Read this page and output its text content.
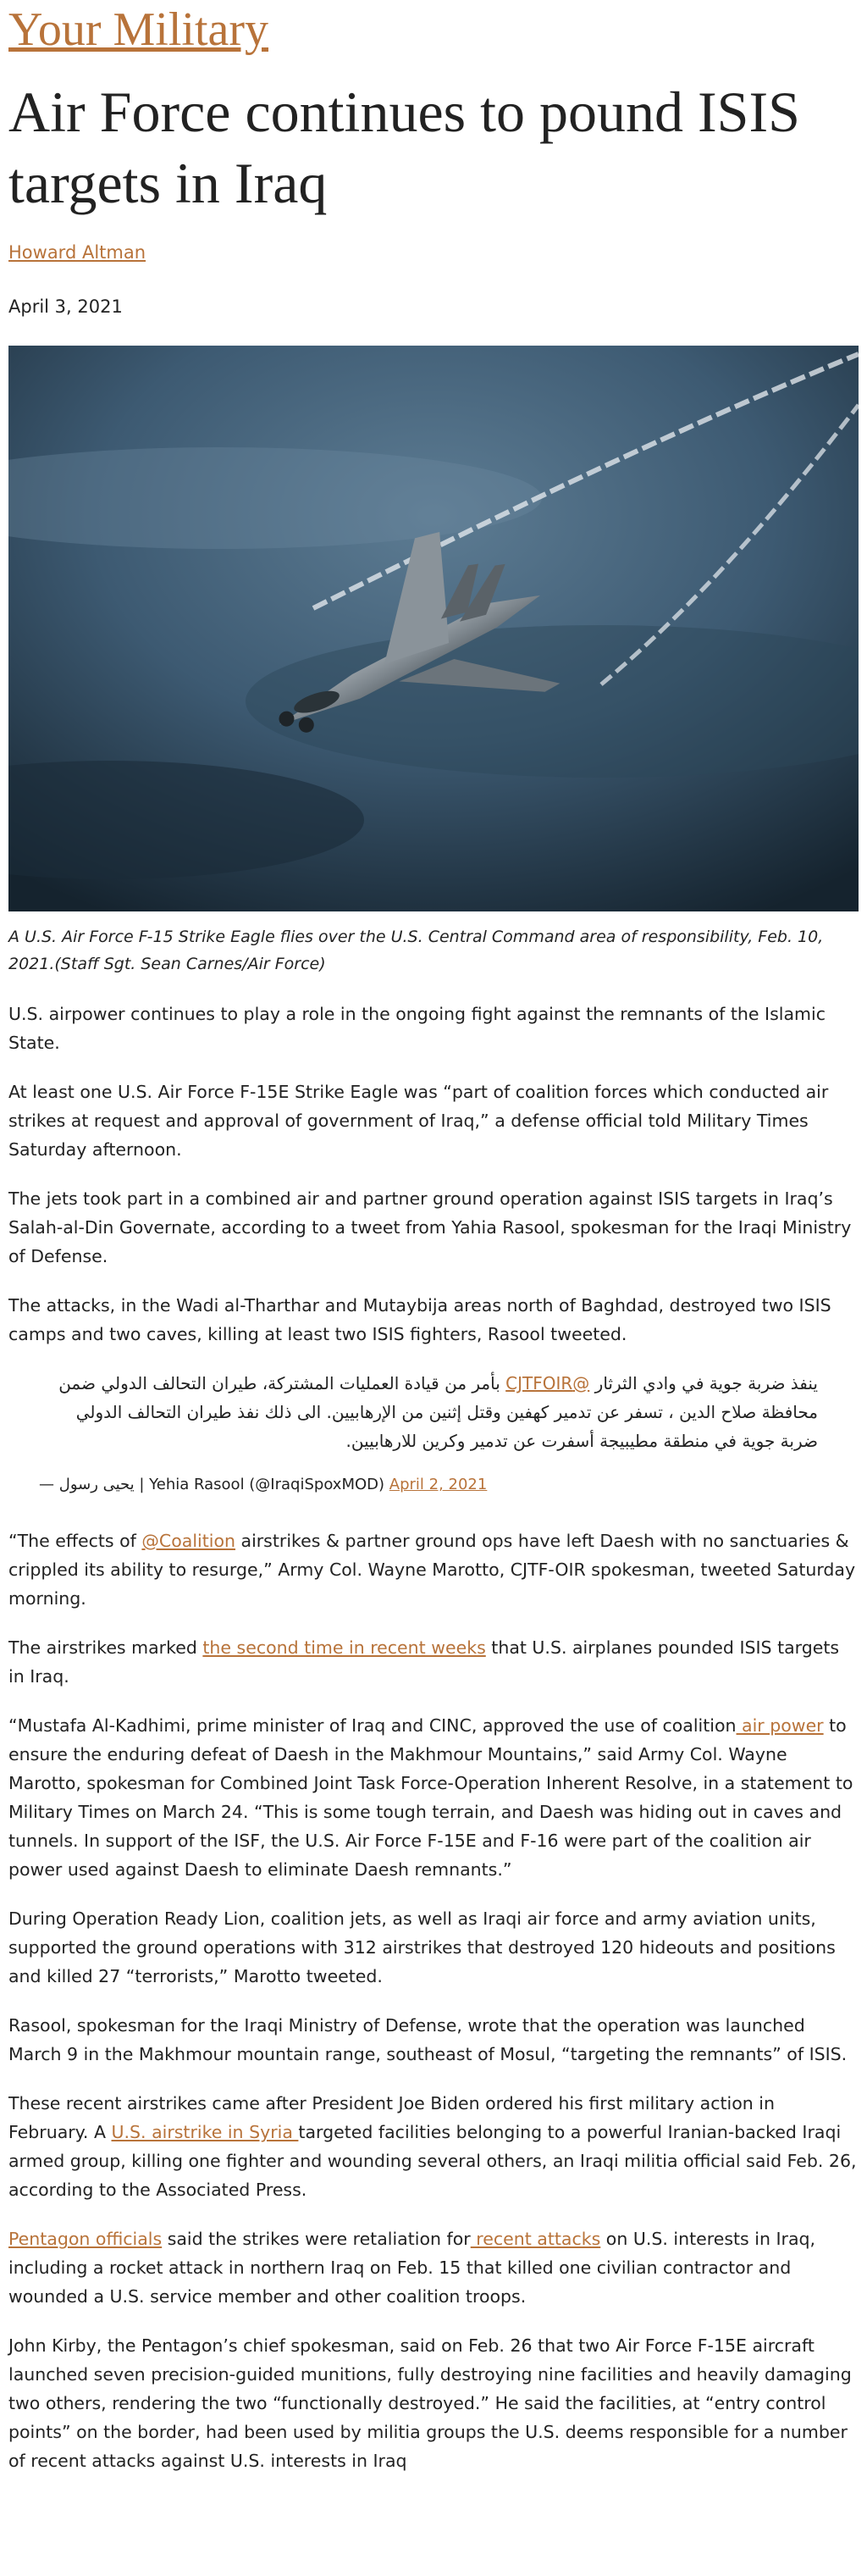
Your Military
Air Force continues to pound ISIS targets in Iraq
Howard Altman
April 3, 2021
A U.S. Air Force F-15 Strike Eagle flies over the U.S. Central Command area of responsibility, Feb. 10, 2021.(Staff Sgt. Sean Carnes/Air Force)

U.S. airpower continues to play a role in the ongoing fight against the remnants of the Islamic State.

At least one U.S. Air Force F-15E Strike Eagle was “part of coalition forces which conducted air strikes at request and approval of government of Iraq,” a defense official told Military Times Saturday afternoon.

The jets took part in a combined air and partner ground operation against ISIS targets in Iraq’s Salah-al-Din Governate, according to a tweet from Yahia Rasool, spokesman for the Iraqi Ministry of Defense.

The attacks, in the Wadi al-Tharthar and Mutaybija areas north of Baghdad, destroyed two ISIS camps and two caves, killing at least two ISIS fighters, Rasool tweeted.

ينفذ ضربة جوية في وادي الثرثار @CJTFOIR بأمر من قيادة العمليات المشتركة، طيران التحالف الدولي ضمن محافظة صلاح الدين ، تسفر عن تدمير كهفين وقتل إثنين من الإرهابيين. الى ذلك نفذ طيران التحالف الدولي ضربة جوية في منطقة مطيبيجة أسفرت عن تدمير وكرين للارهابيين.
— يحيى رسول | Yehia Rasool (@IraqiSpoxMOD) April 2, 2021

“The effects of @Coalition airstrikes & partner ground ops have left Daesh with no sanctuaries & crippled its ability to resurge,” Army Col. Wayne Marotto, CJTF-OIR spokesman, tweeted Saturday morning.

The airstrikes marked the second time in recent weeks that U.S. airplanes pounded ISIS targets in Iraq.

“Mustafa Al-Kadhimi, prime minister of Iraq and CINC, approved the use of coalition air power to ensure the enduring defeat of Daesh in the Makhmour Mountains,” said Army Col. Wayne Marotto, spokesman for Combined Joint Task Force-Operation Inherent Resolve, in a statement to Military Times on March 24. “This is some tough terrain, and Daesh was hiding out in caves and tunnels. In support of the ISF, the U.S. Air Force F-15E and F-16 were part of the coalition air power used against Daesh to eliminate Daesh remnants.”

During Operation Ready Lion, coalition jets, as well as Iraqi air force and army aviation units, supported the ground operations with 312 airstrikes that destroyed 120 hideouts and positions and killed 27 “terrorists,” Marotto tweeted.

Rasool, spokesman for the Iraqi Ministry of Defense, wrote that the operation was launched March 9 in the Makhmour mountain range, southeast of Mosul, “targeting the remnants” of ISIS.

These recent airstrikes came after President Joe Biden ordered his first military action in February. A U.S. airstrike in Syria targeted facilities belonging to a powerful Iranian-backed Iraqi armed group, killing one fighter and wounding several others, an Iraqi militia official said Feb. 26, according to the Associated Press.

Pentagon officials said the strikes were retaliation for recent attacks on U.S. interests in Iraq, including a rocket attack in northern Iraq on Feb. 15 that killed one civilian contractor and wounded a U.S. service member and other coalition troops.

John Kirby, the Pentagon’s chief spokesman, said on Feb. 26 that two Air Force F-15E aircraft launched seven precision-guided munitions, fully destroying nine facilities and heavily damaging two others, rendering the two “functionally destroyed.” He said the facilities, at “entry control points” on the border, had been used by militia groups the U.S. deems responsible for a number of recent attacks against U.S. interests in Iraq
